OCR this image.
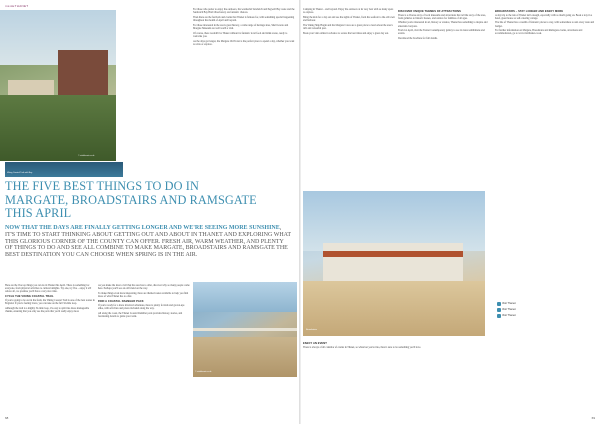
insideTHANET
© visitthanet.co.uk
Viking Coastal Trail with Bay
THE FIVE BEST THINGS TO DO IN
MARGATE, BROADSTAIRS AND RAMSGATE
THIS APRIL

NOW THAT THE DAYS ARE FINALLY GETTING LONGER AND WE'RE SEEING MORE SUNSHINE, IT'S TIME TO START THINKING ABOUT GETTING OUT AND ABOUT IN THANET AND EXPLORING WHAT THIS GLORIOUS CORNER OF THE COUNTY CAN OFFER. FRESH AIR, WARM WEATHER, AND PLENTY OF THINGS TO DO AND SEE ALL COMBINE TO MAKE MARGATE, BROADSTAIRS AND RAMSGATE THE BEST DESTINATION YOU CAN CHOOSE WHEN SPRING IS IN THE AIR.

Here are the five top things you can do in Thanet this April. There is something for everyone, from physical activities to cultural delights. Try one, try five – enjoy it all! Above all, we promise you'll have a very nice time.

CYCLE THE VIKING COASTAL TRAIL

If you're going to be out in the fresh, the Viking Coastal Trail is one of the best routes in England. If you're feeling brave, you can take on the full 32-mile loop.

Although the trail is a mighty 32-mile loop, it's easy to split into more manageable chunks, ensuring that you only see the parts that you'd really enjoy most.

As you make the most of all that the area has to offer, discover why so many people come here. Perhaps you'll see an old friend on the way.

To make things even more interesting, there are themed routes available to help you find more of what Thanet has to offer.

FIND A COASTAL RAMBLER PACK

If you're ready for a more involved adventure, there is plenty for kids and grown-ups alike, with activities and prizes included along the way.

All along the coast, the Thanet Coastal Rambler pack provides history, stories, and fascinating details to guide your walk.

For those who prefer to enjoy the outdoors, the wonderful Sandwich and Pegwell Bay route and the Sandwich Bay Bird Observatory are fantastic choices.

Then there are the festivals and events that Thanet is famous for, with something special happening throughout the month of April and beyond.

For those interested in the area's great history, a wide range of heritage sites, Shell Grotto and Margate Museum are well worth a visit.

Of course, there wouldn't be Thanet without its fantastic local food and drink scene, ready to welcome you.

As the days get longer, the Margate Old Town is the perfect place to spend a day, whether you want to relax or explore.

© visitthanet.co.uk
68

Camping in Thanet – and beyond. Enjoy the outdoors at its very best with so many spots to explore.

Bring the kids for a day out and see the sights of Thanet, from the seafront to the old town and harbour.

The Viking Ship Hugin and the Margate Caves are a great place to learn about the area's rich and colourful past.

Book your visit online in advance to secure the best times and enjoy a great day out.

DISCOVER UNIQUE THEMES OF ATTRACTIONS

There is a diverse array of local museums and attractions that tell the story of the area, from galleries to historic houses, and centres for families of all ages.

Whether you're interested in art, history or science, Thanet has something to inspire and entertain everyone.

From 1st April, visit the Turner Contemporary gallery to see its latest exhibitions and events.

Download the brochure for full details.

Broadstairs
ENJOY AN EVENT

There is always a full calendar of events in Thanet, so whatever you're into, there's sure to be something you'll love.

BROADSTAIRS – STAY LONGER AND ENJOY MORE

A day trip to the isle of Thanet isn't enough, especially with so much going on. Book a stay in a hotel, guest house or self-catering cottage.

The Isle of Thanet has a wealth of fantastic places to stay, with somewhere to suit every taste and budget.

For further information on Margate, Broadstairs and Ramsgate events, attractions and accommodation, go to www.visitthanet.co.uk.

Visit Thanet
Visit Thanet
Visit Thanet
69
